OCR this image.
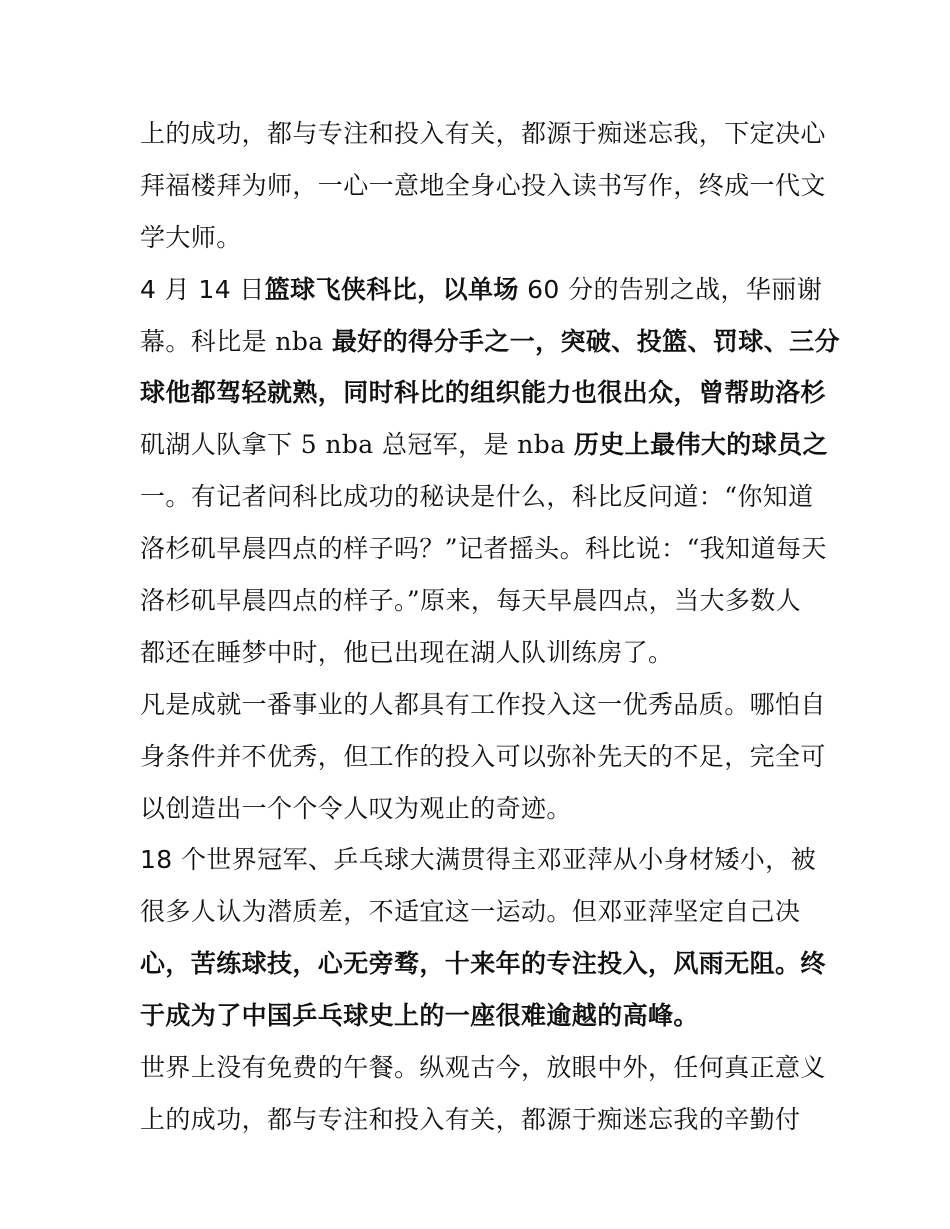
上的成功，都与专注和投入有关，都源于痴迷忘我，下定决心
拜福楼拜为师，一心一意地全身心投入读书写作，终成一代文
学大师。
4 月 14 日篮球飞侠科比，以单场 60 分的告别之战，华丽谢
幕。科比是 nba 最好的得分手之一，突破、投篮、罚球、三分
球他都驾轻就熟，同时科比的组织能力也很出众，曾帮助洛杉
矶湖人队拿下 5 nba 总冠军，是 nba 历史上最伟大的球员之
一。有记者问科比成功的秘诀是什么，科比反问道：“你知道
洛杉矶早晨四点的样子吗？”记者摇头。科比说：“我知道每天
洛杉矶早晨四点的样子。”原来，每天早晨四点，当大多数人
都还在睡梦中时，他已出现在湖人队训练房了。
凡是成就一番事业的人都具有工作投入这一优秀品质。哪怕自
身条件并不优秀，但工作的投入可以弥补先天的不足，完全可
以创造出一个个令人叹为观止的奇迹。
18 个世界冠军、乒乓球大满贯得主邓亚萍从小身材矮小，被
很多人认为潜质差，不适宜这一运动。但邓亚萍坚定自己决
心，苦练球技，心无旁骛，十来年的专注投入，风雨无阻。终
于成为了中国乒乓球史上的一座很难逾越的高峰。
世界上没有免费的午餐。纵观古今，放眼中外，任何真正意义
上的成功，都与专注和投入有关，都源于痴迷忘我的辛勤付
